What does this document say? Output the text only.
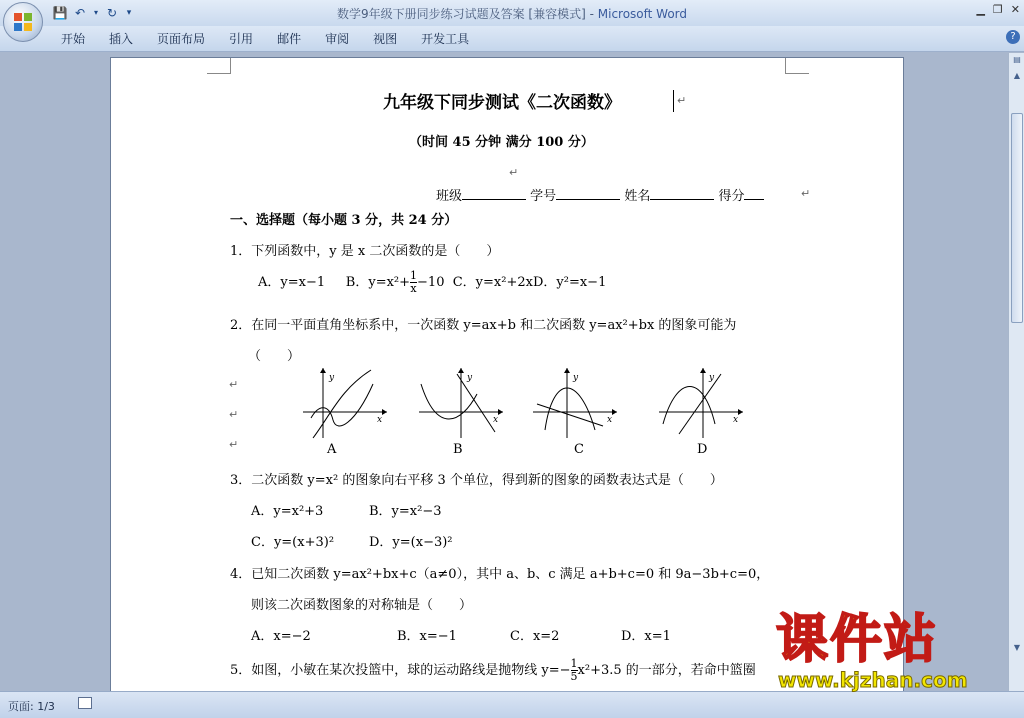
💾 ↶	▾ ↻	▾	数学9年级下册同步练习试题及答案 [兼容模式] - Microsoft Word	▁ ❐ ✕
开始	插入	页面布局	引用	邮件	审阅	视图	开发工具	?
九年级下同步测试《二次函数》	↵
（时间 45 分钟 满分 100 分）
↵
班级	学号	姓名	得分	↵
一、选择题（每小题 3 分，共 24 分）
1．下列函数中，y 是 x 二次函数的是（　　）
A．y=x−1 B．$y=x^2+ \frac{1}{x} -10$ C．y=x²+2xD．y²=x−1
2．在同一平面直角坐标系中，一次函数 y=ax+b 和二次函数 y=ax²+bx 的图象可能为
（　　）
↵
↵
↵
y
x
y
x
y
x
y
x
A	B	C	D
3．二次函数 y=x² 的图象向右平移 3 个单位，得到新的图象的函数表达式是（　　）
A．y=x²+3	B．y=x²−3
C．y=(x+3)²	D．y=(x−3)²
4．已知二次函数 y=ax²+bx+c（a≠0），其中 a、b、c 满足 a+b+c=0 和 9a−3b+c=0，
则该二次函数图象的对称轴是（　　）
A．x=−2	B．x=−1	C．x=2	D．x=1
5．如图，小敏在某次投篮中，球的运动路线是抛物线 $y=- \frac{1}{5} x^2+3.5$ 的一部分，若命中篮圈
▤
▲
▼
页面: 1/3
课件站
www.kjzhan.com
